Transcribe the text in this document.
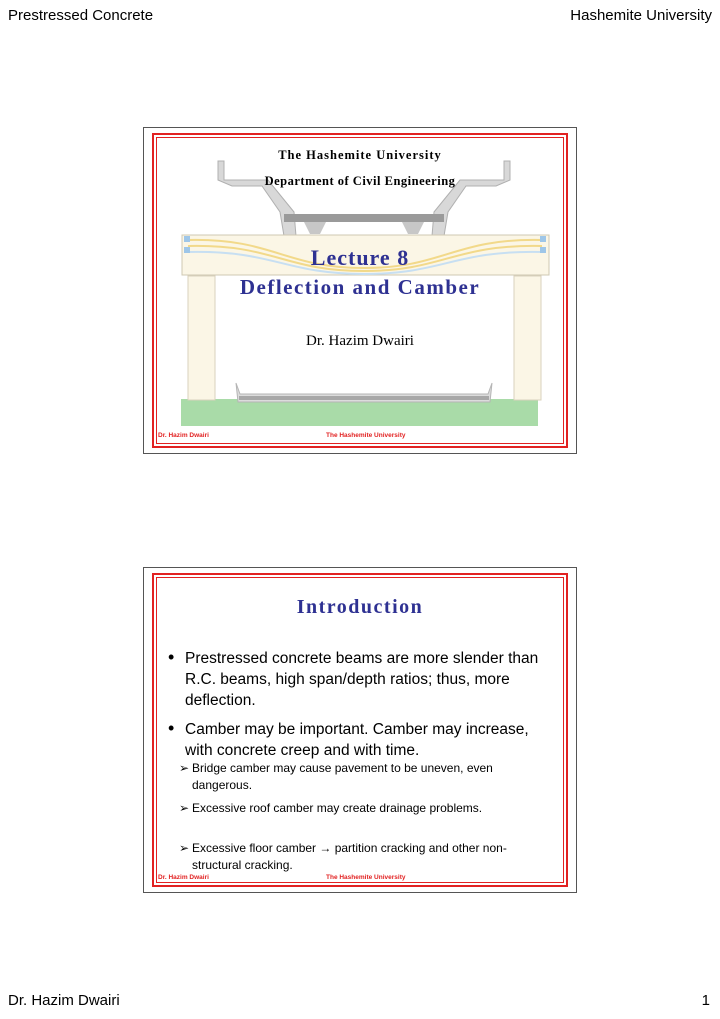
Prestressed Concrete	Hashemite University
The Hashemite University
Department of Civil Engineering
Lecture 8
Deflection and Camber
Dr. Hazim Dwairi
Dr. Hazim Dwairi	The Hashemite University
Introduction
• Prestressed concrete beams are more slender than R.C. beams, high span/depth ratios; thus, more deflection.
• Camber may be important. Camber may increase, with concrete creep and with time.
➢ Bridge camber may cause pavement to be uneven, even dangerous.
➢ Excessive roof camber may create drainage problems.
➢ Excessive floor camber → partition cracking and other non-structural cracking.
Dr. Hazim Dwairi	The Hashemite University
Dr. Hazim Dwairi	1
